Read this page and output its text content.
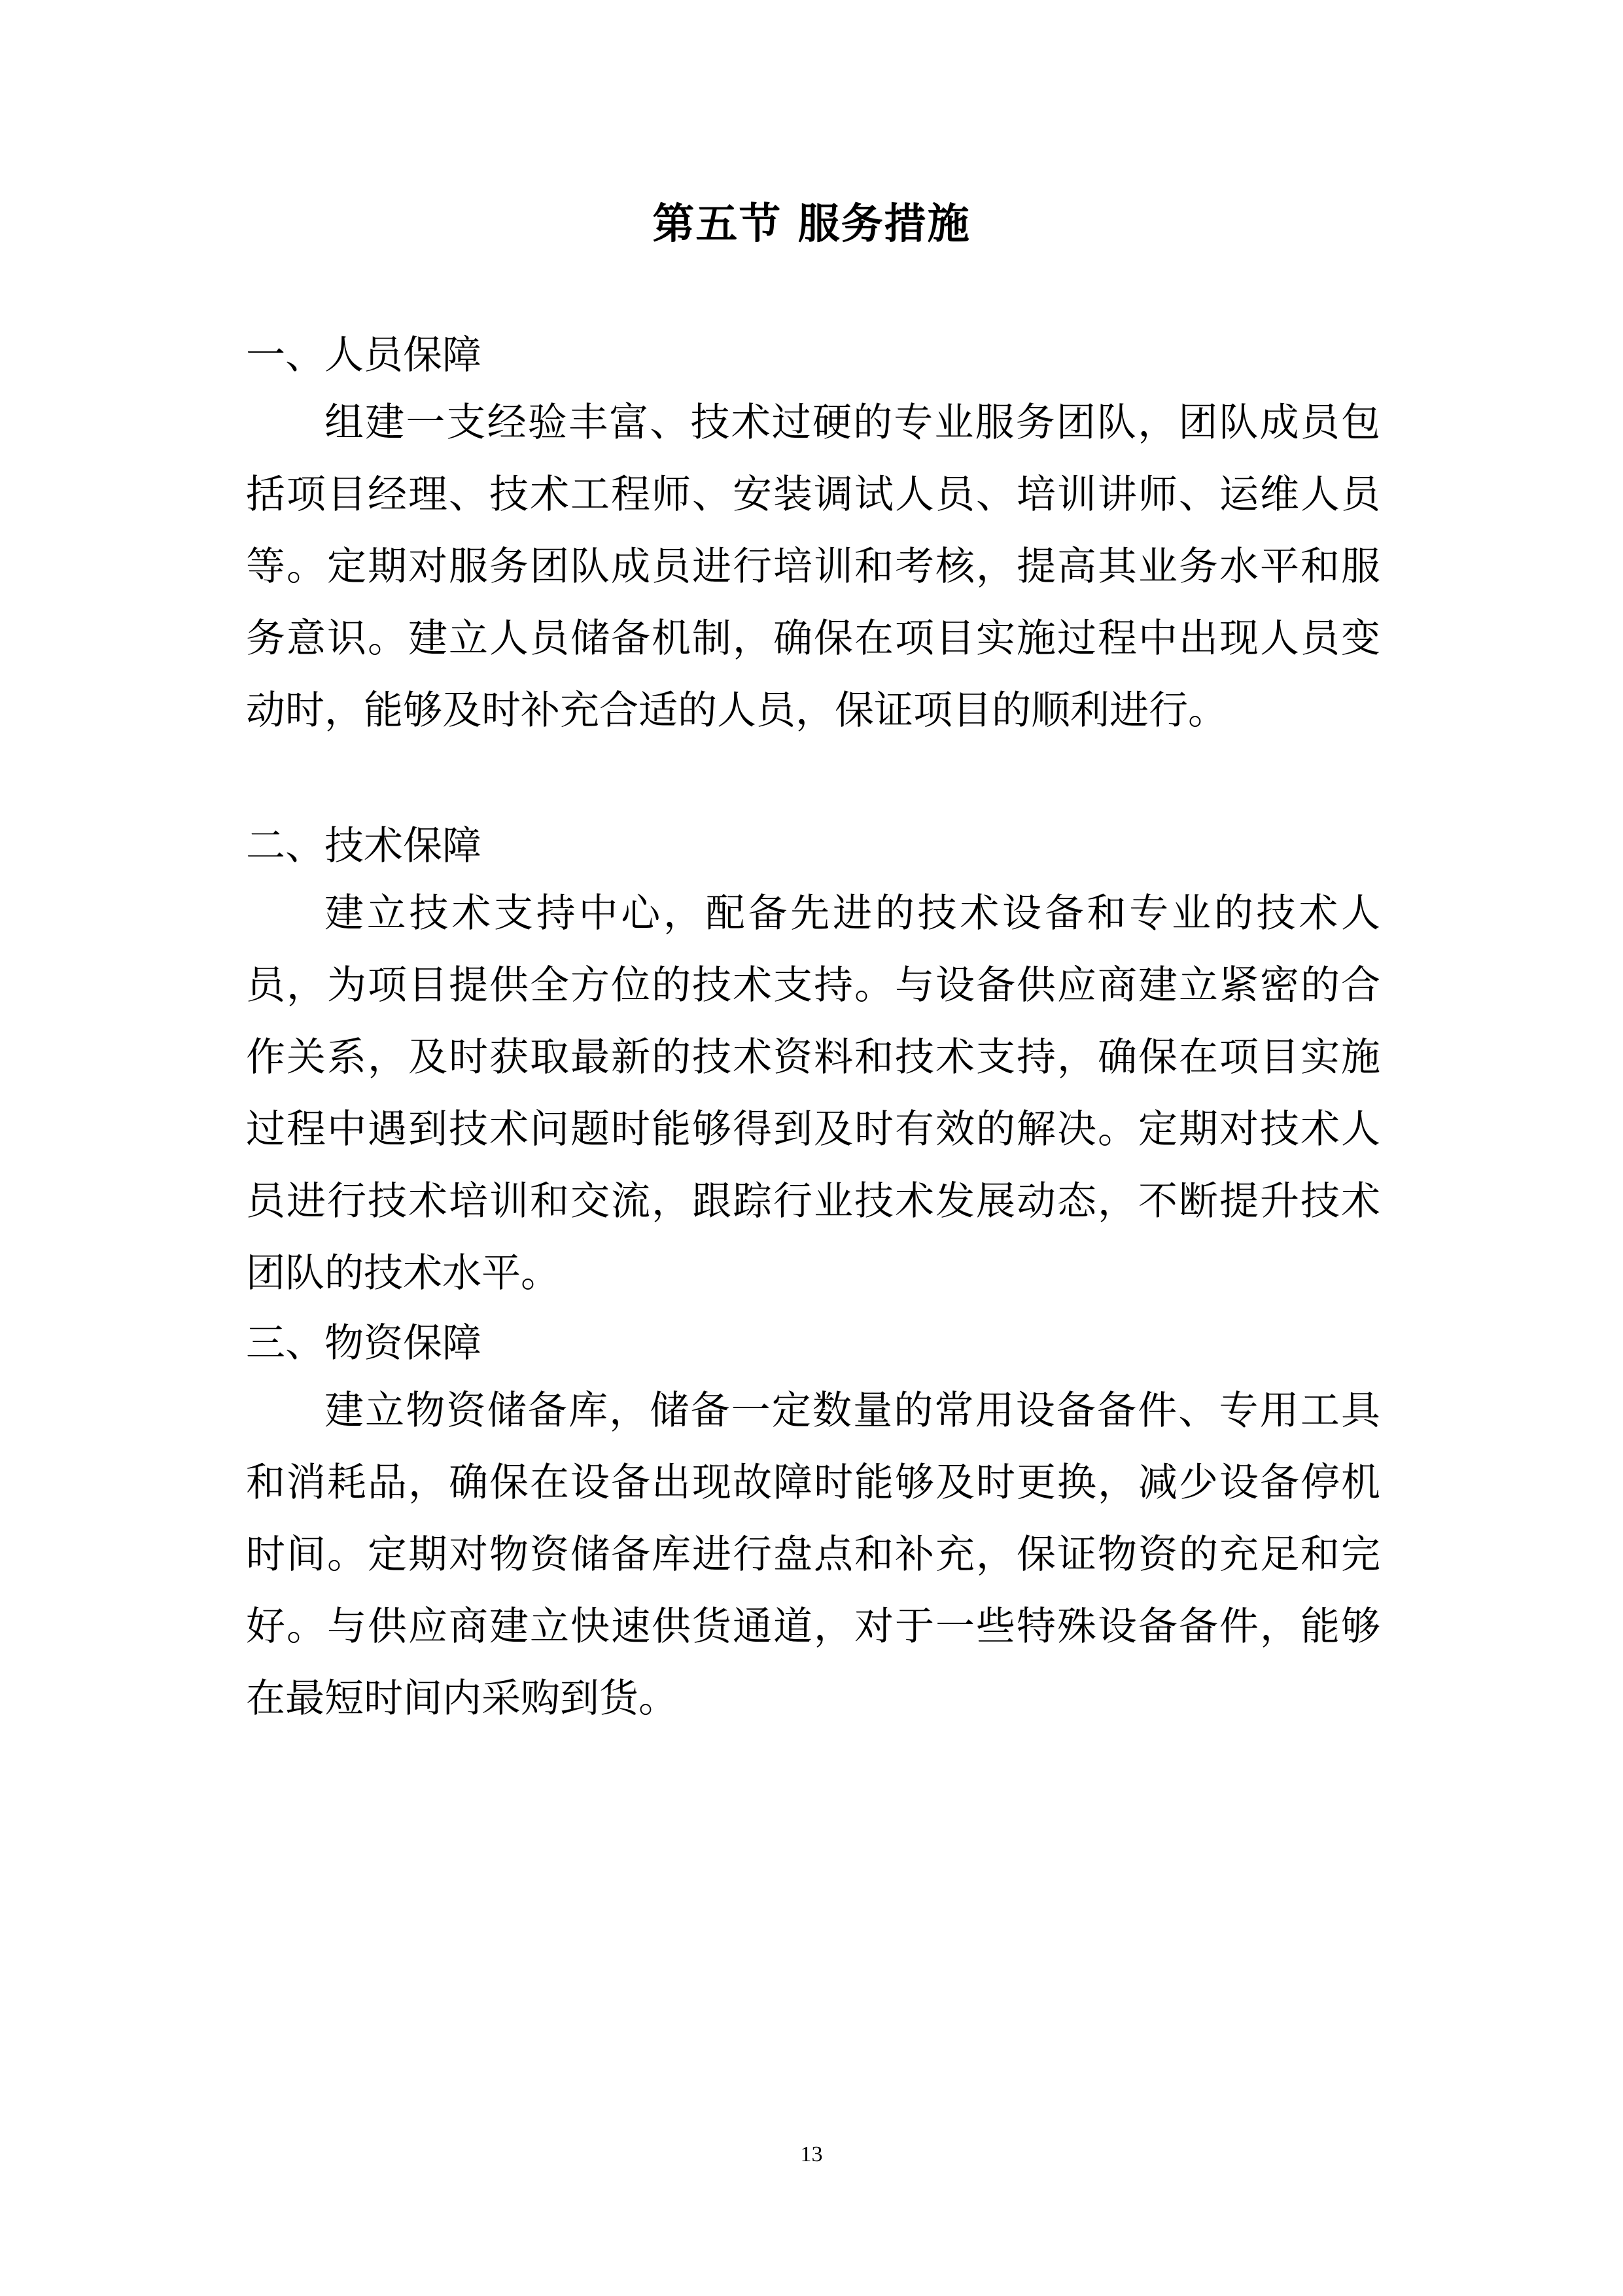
第五节 服务措施
一、人员保障

组建一支经验丰富、技术过硬的专业服务团队，团队成员包括项目经理、技术工程师、安装调试人员、培训讲师、运维人员等。定期对服务团队成员进行培训和考核，提高其业务水平和服务意识。建立人员储备机制，确保在项目实施过程中出现人员变动时，能够及时补充合适的人员，保证项目的顺利进行。

二、技术保障

建立技术支持中心，配备先进的技术设备和专业的技术人员，为项目提供全方位的技术支持。与设备供应商建立紧密的合作关系，及时获取最新的技术资料和技术支持，确保在项目实施过程中遇到技术问题时能够得到及时有效的解决。定期对技术人员进行技术培训和交流，跟踪行业技术发展动态，不断提升技术团队的技术水平。

三、物资保障

建立物资储备库，储备一定数量的常用设备备件、专用工具和消耗品，确保在设备出现故障时能够及时更换，减少设备停机时间。定期对物资储备库进行盘点和补充，保证物资的充足和完好。与供应商建立快速供货通道，对于一些特殊设备备件，能够在最短时间内采购到货。

13
